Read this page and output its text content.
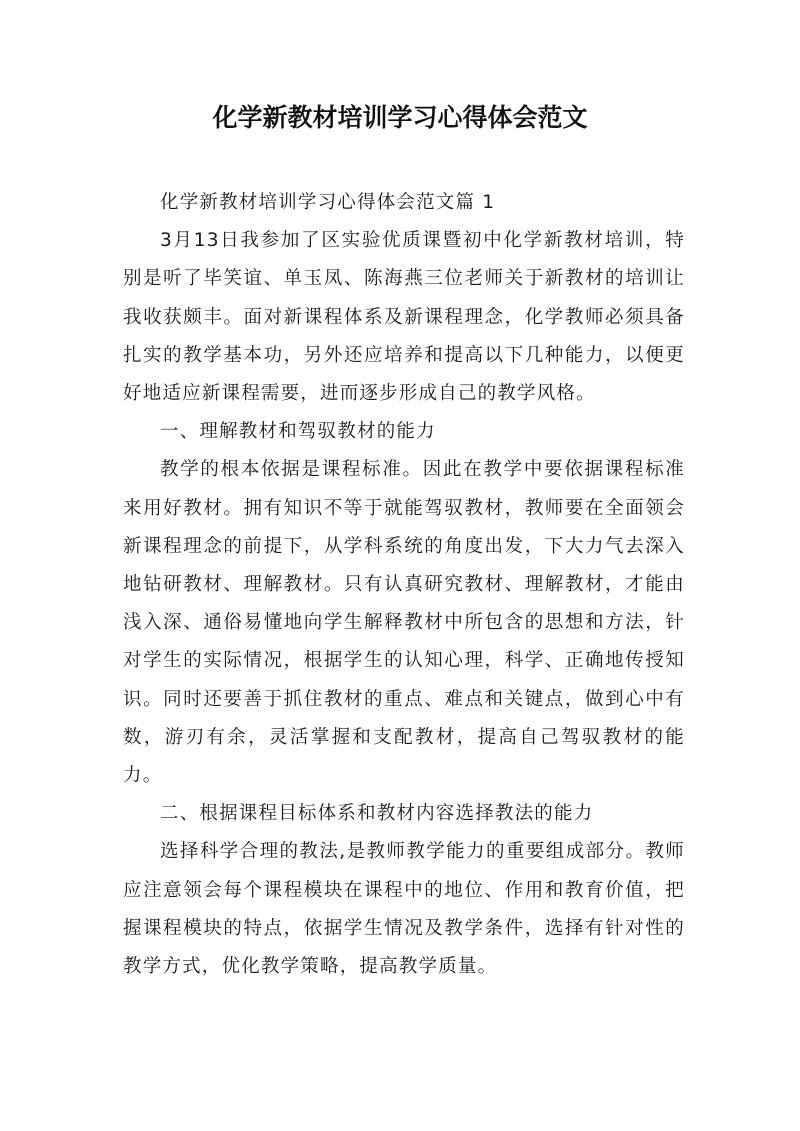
化学新教材培训学习心得体会范文

化学新教材培训学习心得体会范文篇 1

3月13日我参加了区实验优质课暨初中化学新教材培训，特别是听了毕笑谊、单玉凤、陈海燕三位老师关于新教材的培训让我收获颇丰。面对新课程体系及新课程理念，化学教师必须具备扎实的教学基本功，另外还应培养和提高以下几种能力，以便更好地适应新课程需要，进而逐步形成自己的教学风格。

一、理解教材和驾驭教材的能力

教学的根本依据是课程标准。因此在教学中要依据课程标准来用好教材。拥有知识不等于就能驾驭教材，教师要在全面领会新课程理念的前提下，从学科系统的角度出发，下大力气去深入地钻研教材、理解教材。只有认真研究教材、理解教材，才能由浅入深、通俗易懂地向学生解释教材中所包含的思想和方法，针对学生的实际情况，根据学生的认知心理，科学、正确地传授知识。同时还要善于抓住教材的重点、难点和关键点，做到心中有数，游刃有余，灵活掌握和支配教材，提高自己驾驭教材的能力。

二、根据课程目标体系和教材内容选择教法的能力

选择科学合理的教法,是教师教学能力的重要组成部分。教师应注意领会每个课程模块在课程中的地位、作用和教育价值，把握课程模块的特点，依据学生情况及教学条件，选择有针对性的教学方式，优化教学策略，提高教学质量。
